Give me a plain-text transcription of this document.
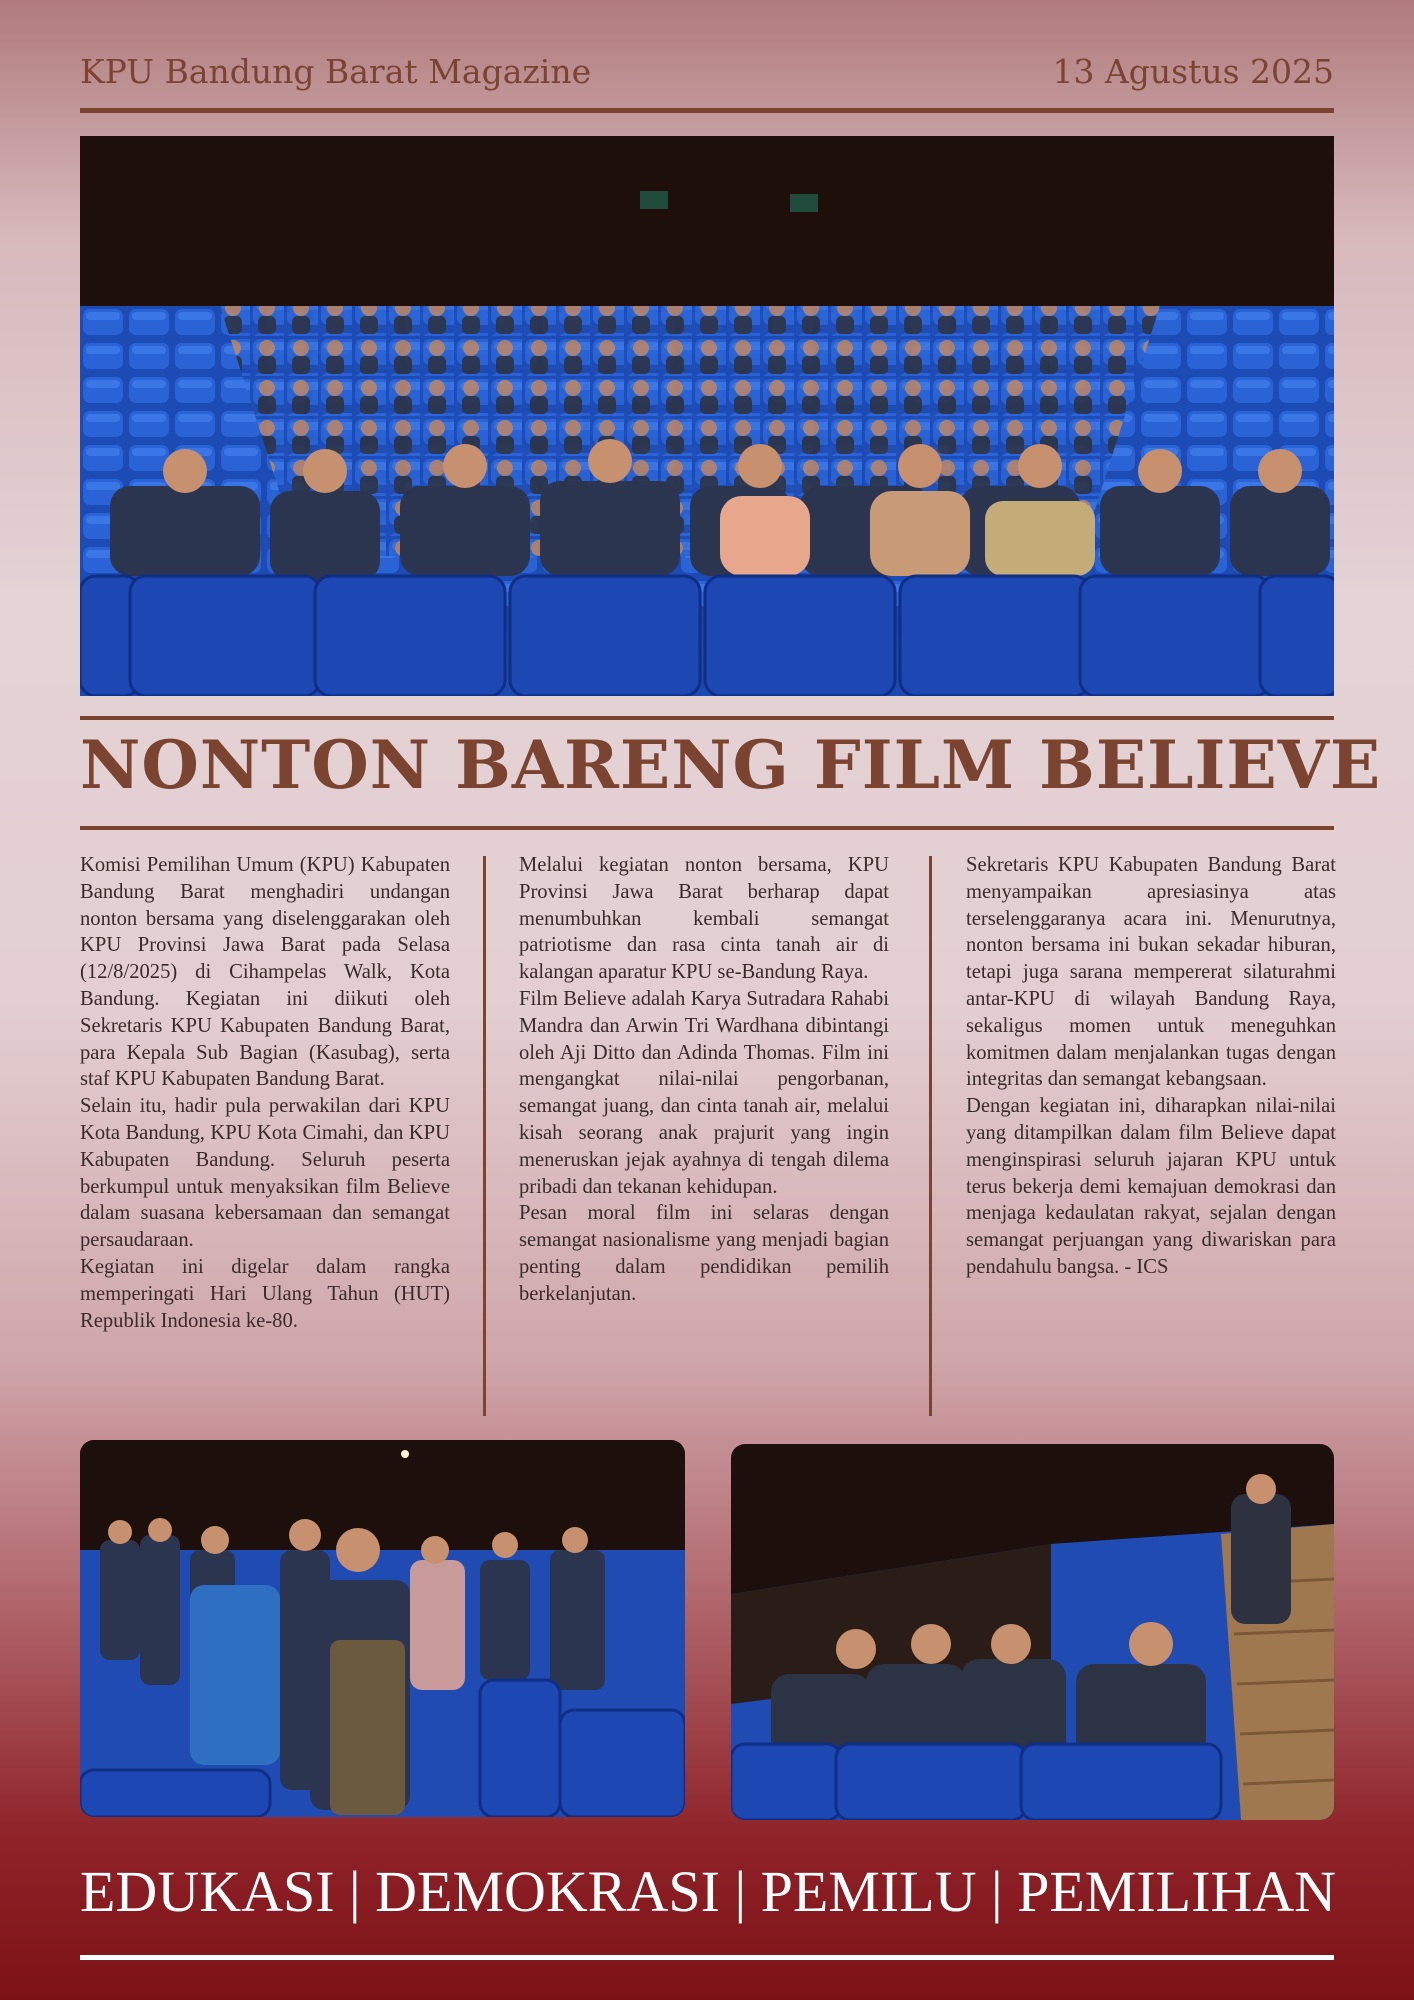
KPU Bandung Barat Magazine	13 Agustus 2025
NONTON BARENG FILM BELIEVE

Komisi Pemilihan Umum (KPU) Kabupaten Bandung Barat menghadiri undangan nonton bersama yang diselenggarakan oleh KPU Provinsi Jawa Barat pada Selasa (12/8/2025) di Cihampelas Walk, Kota Bandung. Kegiatan ini diikuti oleh Sekretaris KPU Kabupaten Bandung Barat, para Kepala Sub Bagian (Kasubag), serta staf KPU Kabupaten Bandung Barat.

Selain itu, hadir pula perwakilan dari KPU Kota Bandung, KPU Kota Cimahi, dan KPU Kabupaten Bandung. Seluruh peserta berkumpul untuk menyaksikan film Believe dalam suasana kebersamaan dan semangat persaudaraan.

Kegiatan ini digelar dalam rangka memperingati Hari Ulang Tahun (HUT) Republik Indonesia ke-80.

Melalui kegiatan nonton bersama, KPU Provinsi Jawa Barat berharap dapat menumbuhkan kembali semangat patriotisme dan rasa cinta tanah air di kalangan aparatur KPU se-Bandung Raya.

Film Believe adalah Karya Sutradara Rahabi Mandra dan Arwin Tri Wardhana dibintangi oleh Aji Ditto dan Adinda Thomas. Film ini mengangkat nilai-nilai pengorbanan, semangat juang, dan cinta tanah air, melalui kisah seorang anak prajurit yang ingin meneruskan jejak ayahnya di tengah dilema pribadi dan tekanan kehidupan.

Pesan moral film ini selaras dengan semangat nasionalisme yang menjadi bagian penting dalam pendidikan pemilih berkelanjutan.

Sekretaris KPU Kabupaten Bandung Barat menyampaikan apresiasinya atas terselenggaranya acara ini. Menurutnya, nonton bersama ini bukan sekadar hiburan, tetapi juga sarana mempererat silaturahmi antar-KPU di wilayah Bandung Raya, sekaligus momen untuk meneguhkan komitmen dalam menjalankan tugas dengan integritas dan semangat kebangsaan.

Dengan kegiatan ini, diharapkan nilai-nilai yang ditampilkan dalam film Believe dapat menginspirasi seluruh jajaran KPU untuk terus bekerja demi kemajuan demokrasi dan menjaga kedaulatan rakyat, sejalan dengan semangat perjuangan yang diwariskan para pendahulu bangsa. - ICS

EDUKASI | DEMOKRASI | PEMILU | PEMILIHAN
